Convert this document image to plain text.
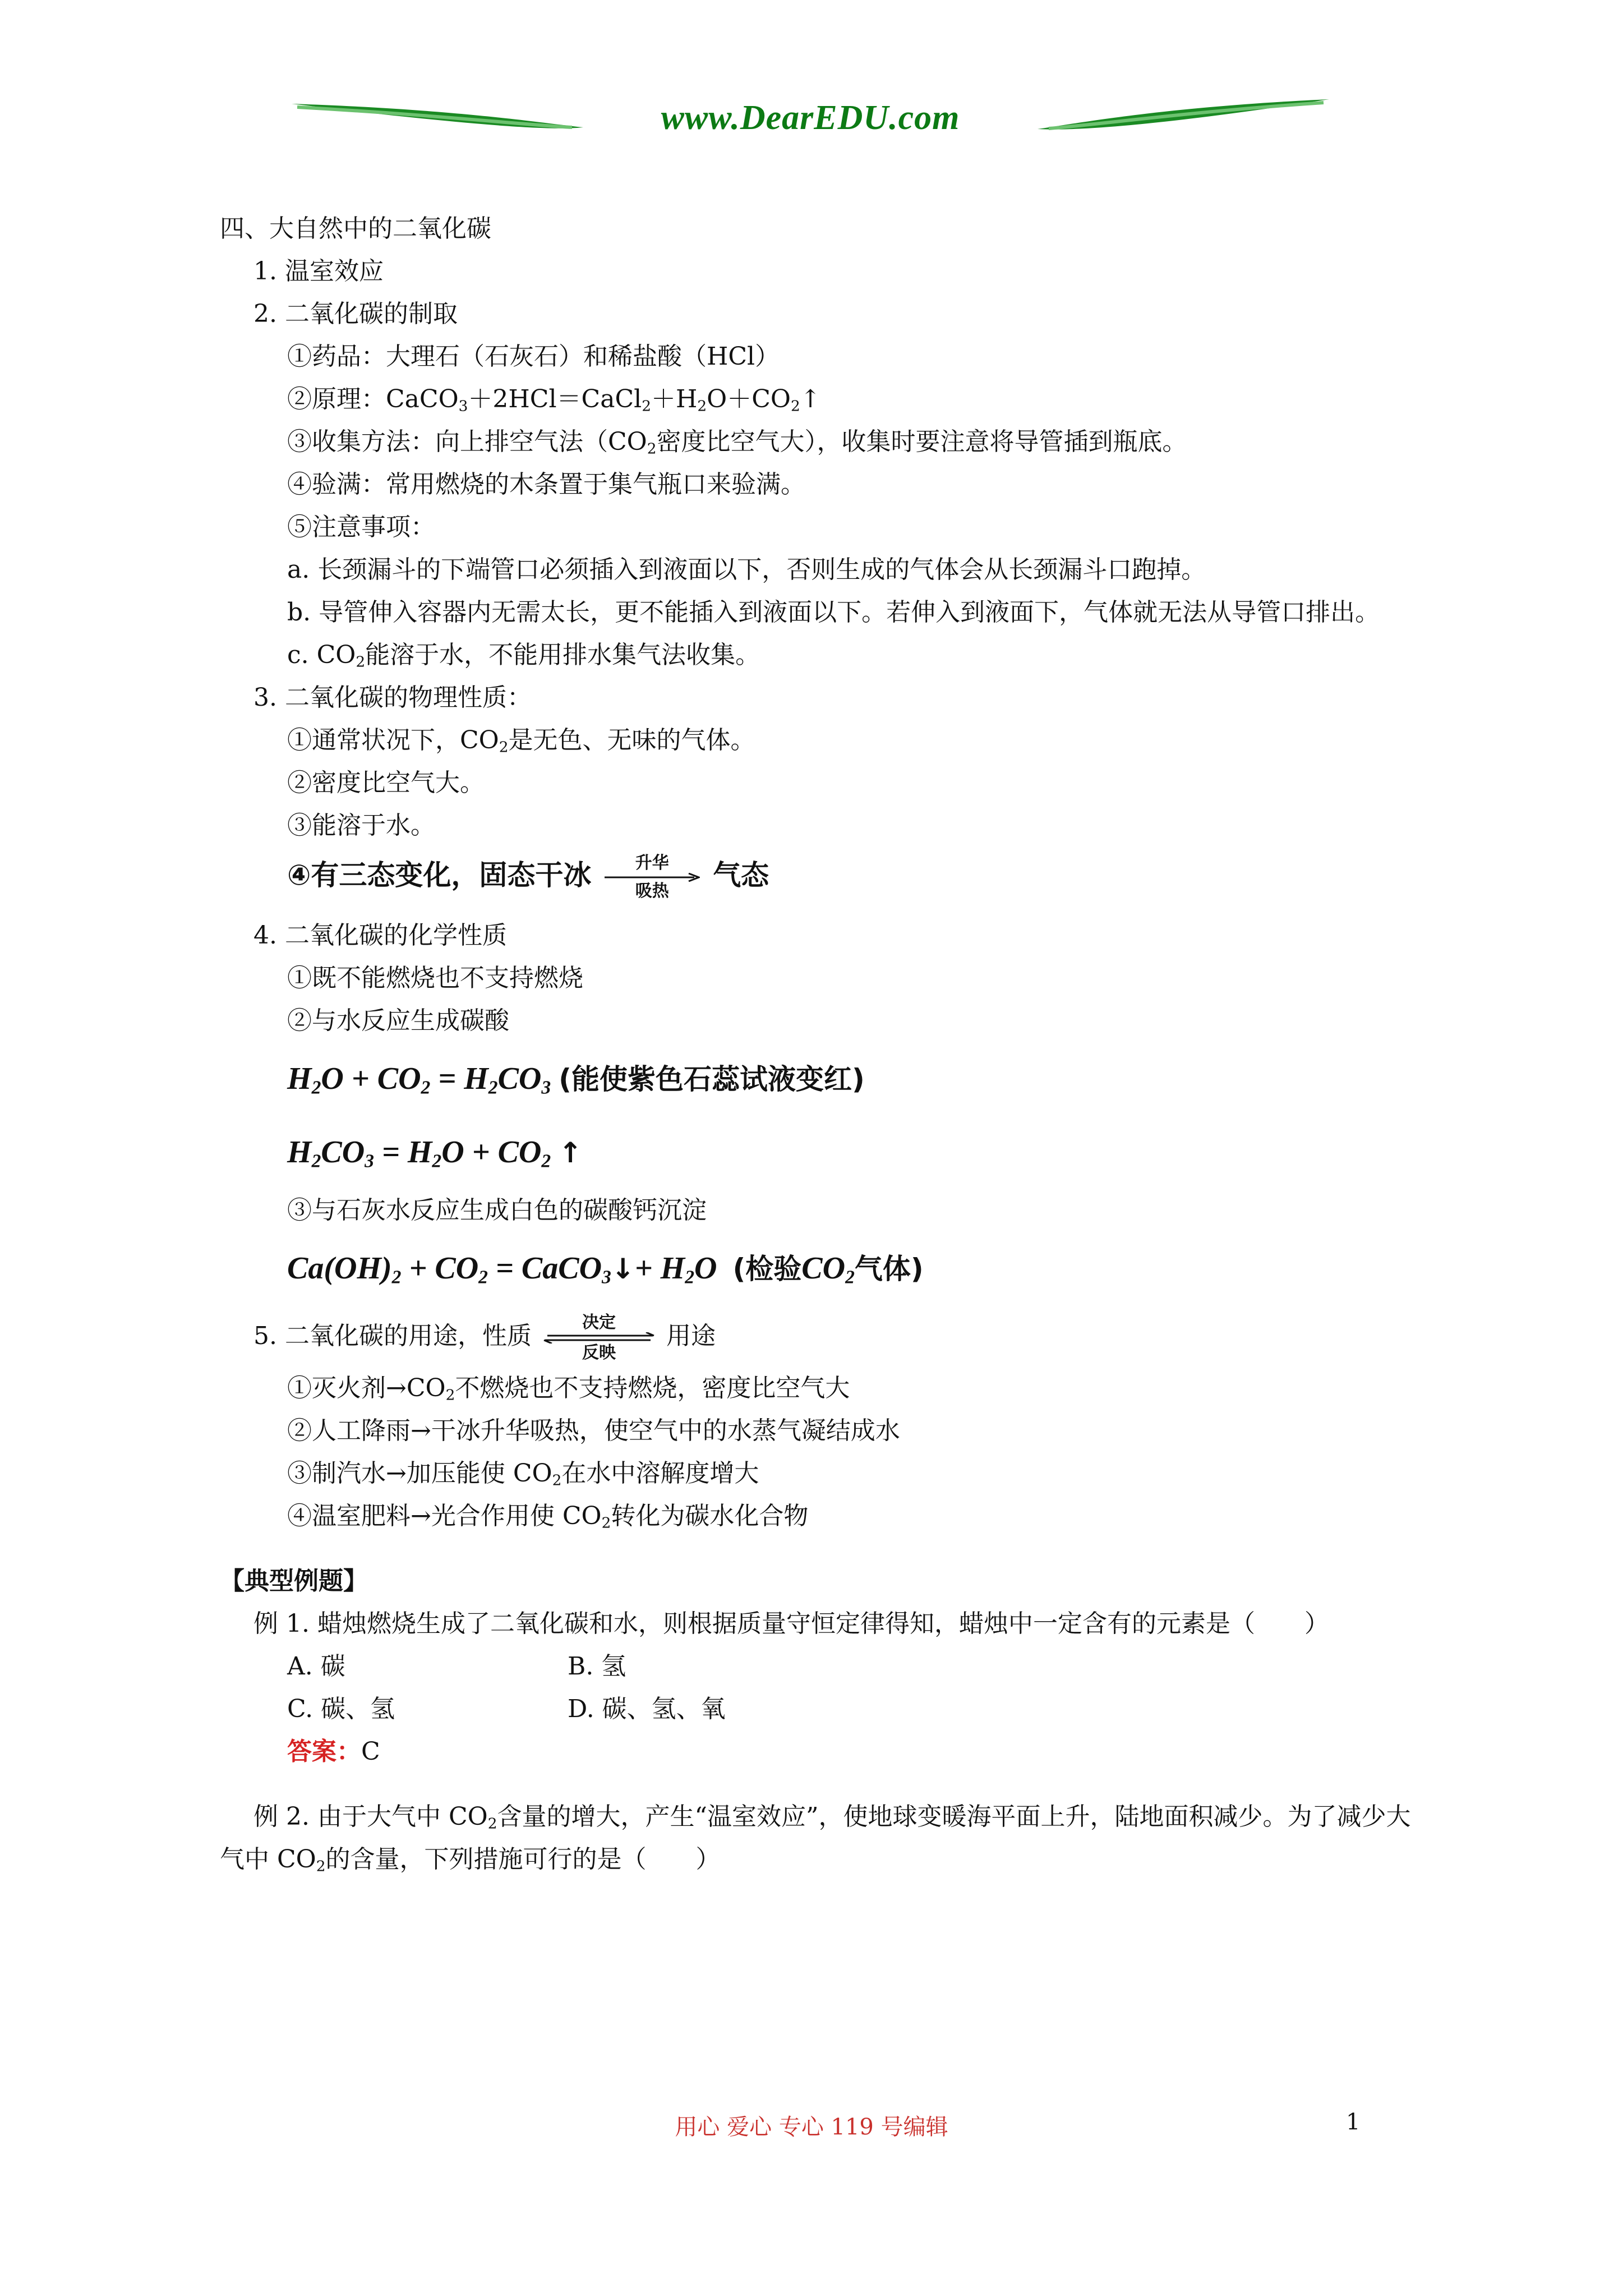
www.DearEDU.com
四、大自然中的二氧化碳
1. 温室效应
2. 二氧化碳的制取
①药品：大理石（石灰石）和稀盐酸（HCl）
②原理：$CaCO_3+2HCl=CaCl_2+H_2O+CO_2↑$
③收集方法：向上排空气法（$CO_2$密度比空气大），收集时要注意将导管插到瓶底。
④验满：常用燃烧的木条置于集气瓶口来验满。
⑤注意事项：
a. 长颈漏斗的下端管口必须插入到液面以下，否则生成的气体会从长颈漏斗口跑掉。
b. 导管伸入容器内无需太长，更不能插入到液面以下。若伸入到液面下，气体就无法从导管口排出。
c. $CO_2$能溶于水，不能用排水集气法收集。
3. 二氧化碳的物理性质：
①通常状况下，$CO_2$是无色、无味的气体。
②密度比空气大。
③能溶于水。
④有三态变化，固态干冰	升华
吸热	气态
4. 二氧化碳的化学性质
①既不能燃烧也不支持燃烧
②与水反应生成碳酸
$H_2O + CO_2 = H_2CO_3$ (能使紫色石蕊试液变红)
$H_2CO_3 = H_2O + CO_2$ ↑
③与石灰水反应生成白色的碳酸钙沉淀
$Ca(OH)_2 + CO_2$ = CaCO$_3$↓+ $H_2O$  (检验$CO_2$气体)
5. 二氧化碳的用途，性质	决定
反映
用途
①灭火剂$\to CO_2$不燃烧也不支持燃烧，密度比空气大
②人工降雨→干冰升华吸热，使空气中的水蒸气凝结成水
③制汽水→加压能使 $CO_2$在水中溶解度增大
④温室肥料→光合作用使 $CO_2$转化为碳水化合物
【典型例题】
例 1. 蜡烛燃烧生成了二氧化碳和水，则根据质量守恒定律得知，蜡烛中一定含有的元素是（　　）
A. 碳	B. 氢
C. 碳、氢	D. 碳、氢、氧
答案：C
例 2. 由于大气中 $CO_2$含量的增大，产生“温室效应”，使地球变暖海平面上升，陆地面积减少。为了减少大气中 $CO_2$的含量，下列措施可行的是（　　）
用心 爱心 专心 119 号编辑	1
